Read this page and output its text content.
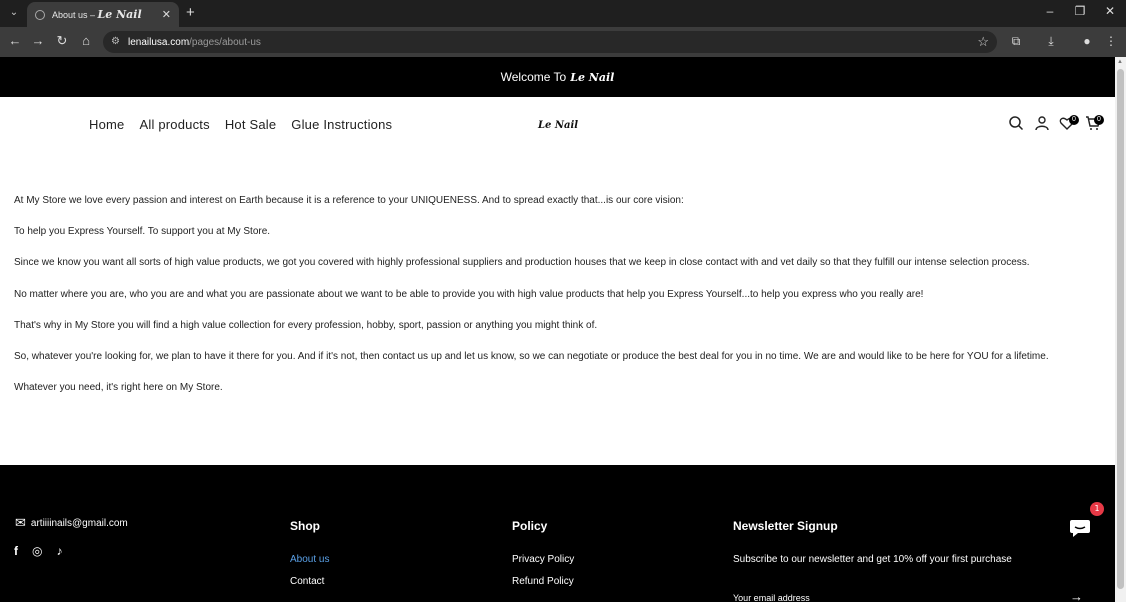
⌄	About us – Le Nail	✕ +	–	❐	✕
← → ↻	⌂	⚙ lenailusa.com /pages/about-us	☆	⧉	⤓	●	⋮
Welcome To Le Nail
Home All products Hot Sale Glue Instructions	Le Nail
0	0

At My Store we love every passion and interest on Earth because it is a reference to your UNIQUENESS. And to spread exactly that...is our core vision:

To help you Express Yourself. To support you at My Store.

Since we know you want all sorts of high value products, we got you covered with highly professional suppliers and production houses that we keep in close contact with and vet daily so that they fulfill our intense selection process.

No matter where you are, who you are and what you are passionate about we want to be able to provide you with high value products that help you Express Yourself...to help you express who you really are!

That's why in My Store you will find a high value collection for every profession, hobby, sport, passion or anything you might think of.

So, whatever you're looking for, we plan to have it there for you. And if it's not, then contact us up and let us know, so we can negotiate or produce the best deal for you in no time. We are and would like to be here for YOU for a lifetime.

Whatever you need, it's right here on My Store.

✉ artiiiinails@gmail.com
f ◎ ♪
Shop
About us
Contact
Policy
Privacy Policy
Refund Policy
Newsletter Signup
Subscribe to our newsletter and get 10% off your first purchase
Your email address	→
▲
1
